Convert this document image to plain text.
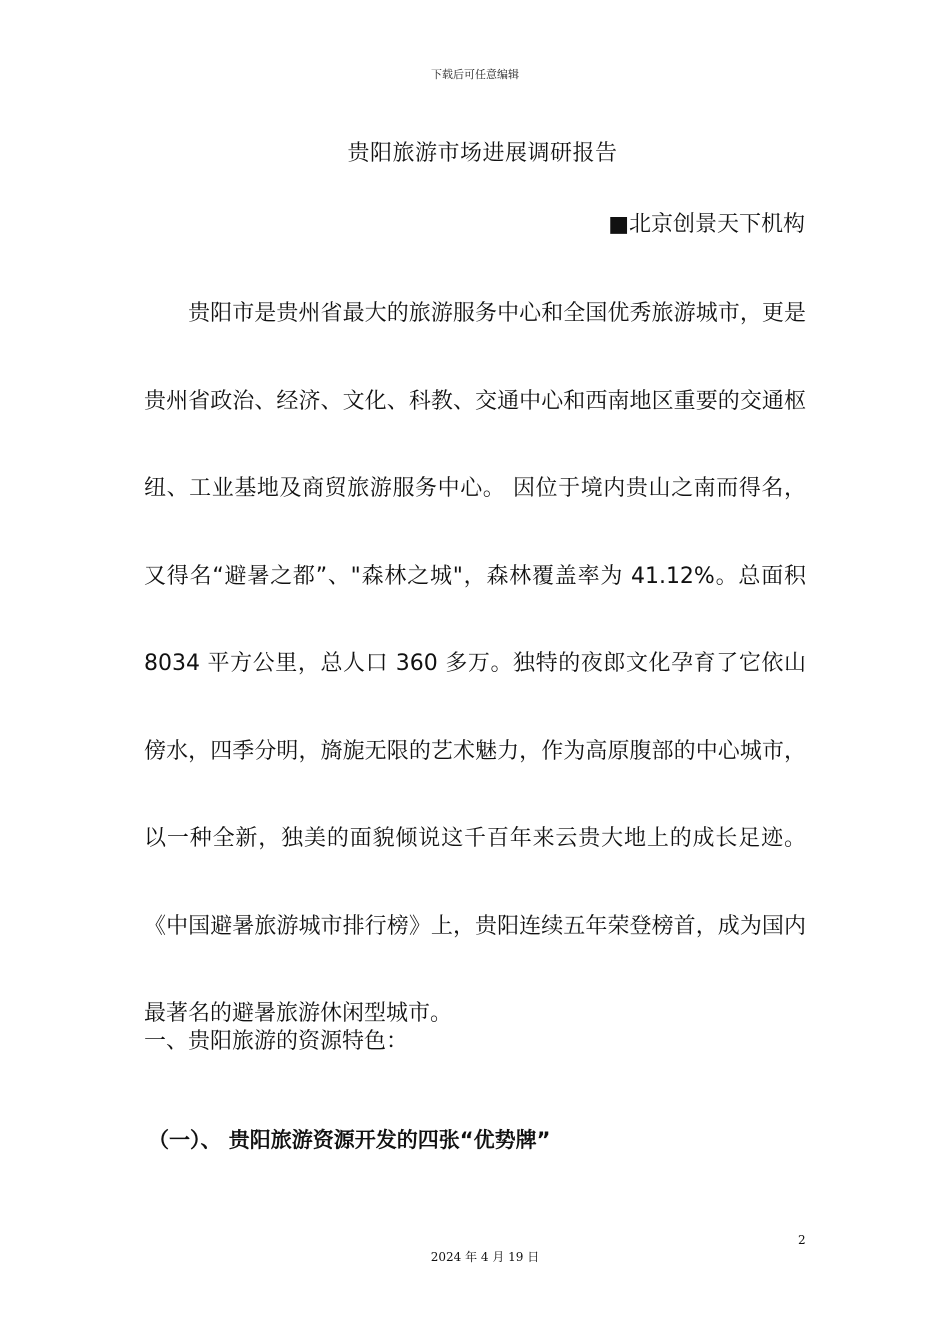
下载后可任意编辑
贵阳旅游市场进展调研报告
■北京创景天下机构

贵阳市是贵州省最大的旅游服务中心和全国优秀旅游城市，更是贵州省政治、经济、文化、科教、交通中心和西南地区重要的交通枢纽、工业基地及商贸旅游服务中心。 因位于境内贵山之南而得名，又得名“避暑之都”、"森林之城"，森林覆盖率为 41.12%。总面积 8034 平方公里，总人口 360 多万。独特的夜郎文化孕育了它依山傍水，四季分明，旖旎无限的艺术魅力，作为高原腹部的中心城市，以一种全新，独美的面貌倾说这千百年来云贵大地上的成长足迹。《中国避暑旅游城市排行榜》上，贵阳连续五年荣登榜首，成为国内最著名的避暑旅游休闲型城市。

一、贵阳旅游的资源特色：
（一）、 贵阳旅游资源开发的四张“优势牌”
2
2024 年 4 月 19 日
